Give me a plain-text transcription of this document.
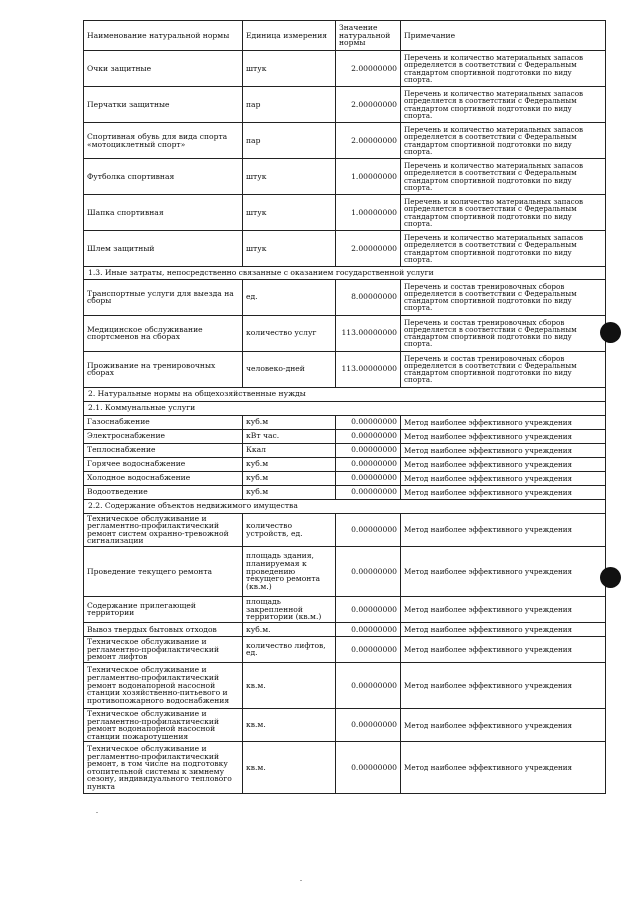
Наименование натуральной нормы	Единица измерения	Значение натуральной нормы	Примечание
Очки защитные	штук	2.00000000	Перечень и количество материальных запасов определяется в соответствии с Федеральным стандартом спортивной подготовки по виду спорта.
Перчатки защитные	пар	2.00000000	Перечень и количество материальных запасов определяется в соответствии с Федеральным стандартом спортивной подготовки по виду спорта.
Спортивная обувь для вида спорта «мотоциклетный спорт»	пар	2.00000000	Перечень и количество материальных запасов определяется в соответствии с Федеральным стандартом спортивной подготовки по виду спорта.
Футболка спортивная	штук	1.00000000	Перечень и количество материальных запасов определяется в соответствии с Федеральным стандартом спортивной подготовки по виду спорта.
Шапка спортивная	штук	1.00000000	Перечень и количество материальных запасов определяется в соответствии с Федеральным стандартом спортивной подготовки по виду спорта.
Шлем защитный	штук	2.00000000	Перечень и количество материальных запасов определяется в соответствии с Федеральным стандартом спортивной подготовки по виду спорта.
1.3. Иные затраты, непосредственно связанные с оказанием государственной услуги			
Транспортные услуги для выезда на сборы	ед.	8.00000000	Перечень и состав тренировочных сборов определяется в соответствии с Федеральным стандартом спортивной подготовки по виду спорта.
Медицинское обслуживание спортсменов на сборах	количество услуг	113.00000000	Перечень и состав тренировочных сборов определяется в соответствии с Федеральным стандартом спортивной подготовки по виду спорта.
Проживание на тренировочных сборах	человеко-дней	113.00000000	Перечень и состав тренировочных сборов определяется в соответствии с Федеральным стандартом спортивной подготовки по виду спорта.
2. Натуральные нормы на общехозяйственные нужды			
2.1. Коммунальные услуги			
Газоснабжение	куб.м	0.00000000	Метод наиболее эффективного учреждения
Электроснабжение	кВт час.	0.00000000	Метод наиболее эффективного учреждения
Теплоснабжение	Ккал	0.00000000	Метод наиболее эффективного учреждения
Горячее водоснабжение	куб.м	0.00000000	Метод наиболее эффективного учреждения
Холодное водоснабжение	куб.м	0.00000000	Метод наиболее эффективного учреждения
Водоотведение	куб.м	0.00000000	Метод наиболее эффективного учреждения
2.2. Содержание объектов недвижимого имущества			
Техническое обслуживание и регламентно-профилактический ремонт систем охранно-тревожной сигнализации	количество устройств, ед.	0.00000000	Метод наиболее эффективного учреждения
Проведение текущего ремонта	площадь здания, планируемая к проведению текущего ремонта (кв.м.)	0.00000000	Метод наиболее эффективного учреждения
Содержание прилегающей территории	площадь закрепленной территории (кв.м.)	0.00000000	Метод наиболее эффективного учреждения
Вывоз твердых бытовых отходов	куб.м.	0.00000000	Метод наиболее эффективного учреждения
Техническое обслуживание и регламентно-профилактический ремонт лифтов	количество лифтов, ед.	0.00000000	Метод наиболее эффективного учреждения
Техническое обслуживание и регламентно-профилактический ремонт водонапорной насосной станции хозяйственно-питьевого и противопожарного водоснабжения	кв.м.	0.00000000	Метод наиболее эффективного учреждения
Техническое обслуживание и регламентно-профилактический ремонт водонапорной насосной станции пожаротушения	кв.м.	0.00000000	Метод наиболее эффективного учреждения
Техническое обслуживание и регламентно-профилактический ремонт, в том числе на подготовку отопительной системы к зимнему сезону, индивидуального теплового пункта	кв.м.	0.00000000	Метод наиболее эффективного учреждения
